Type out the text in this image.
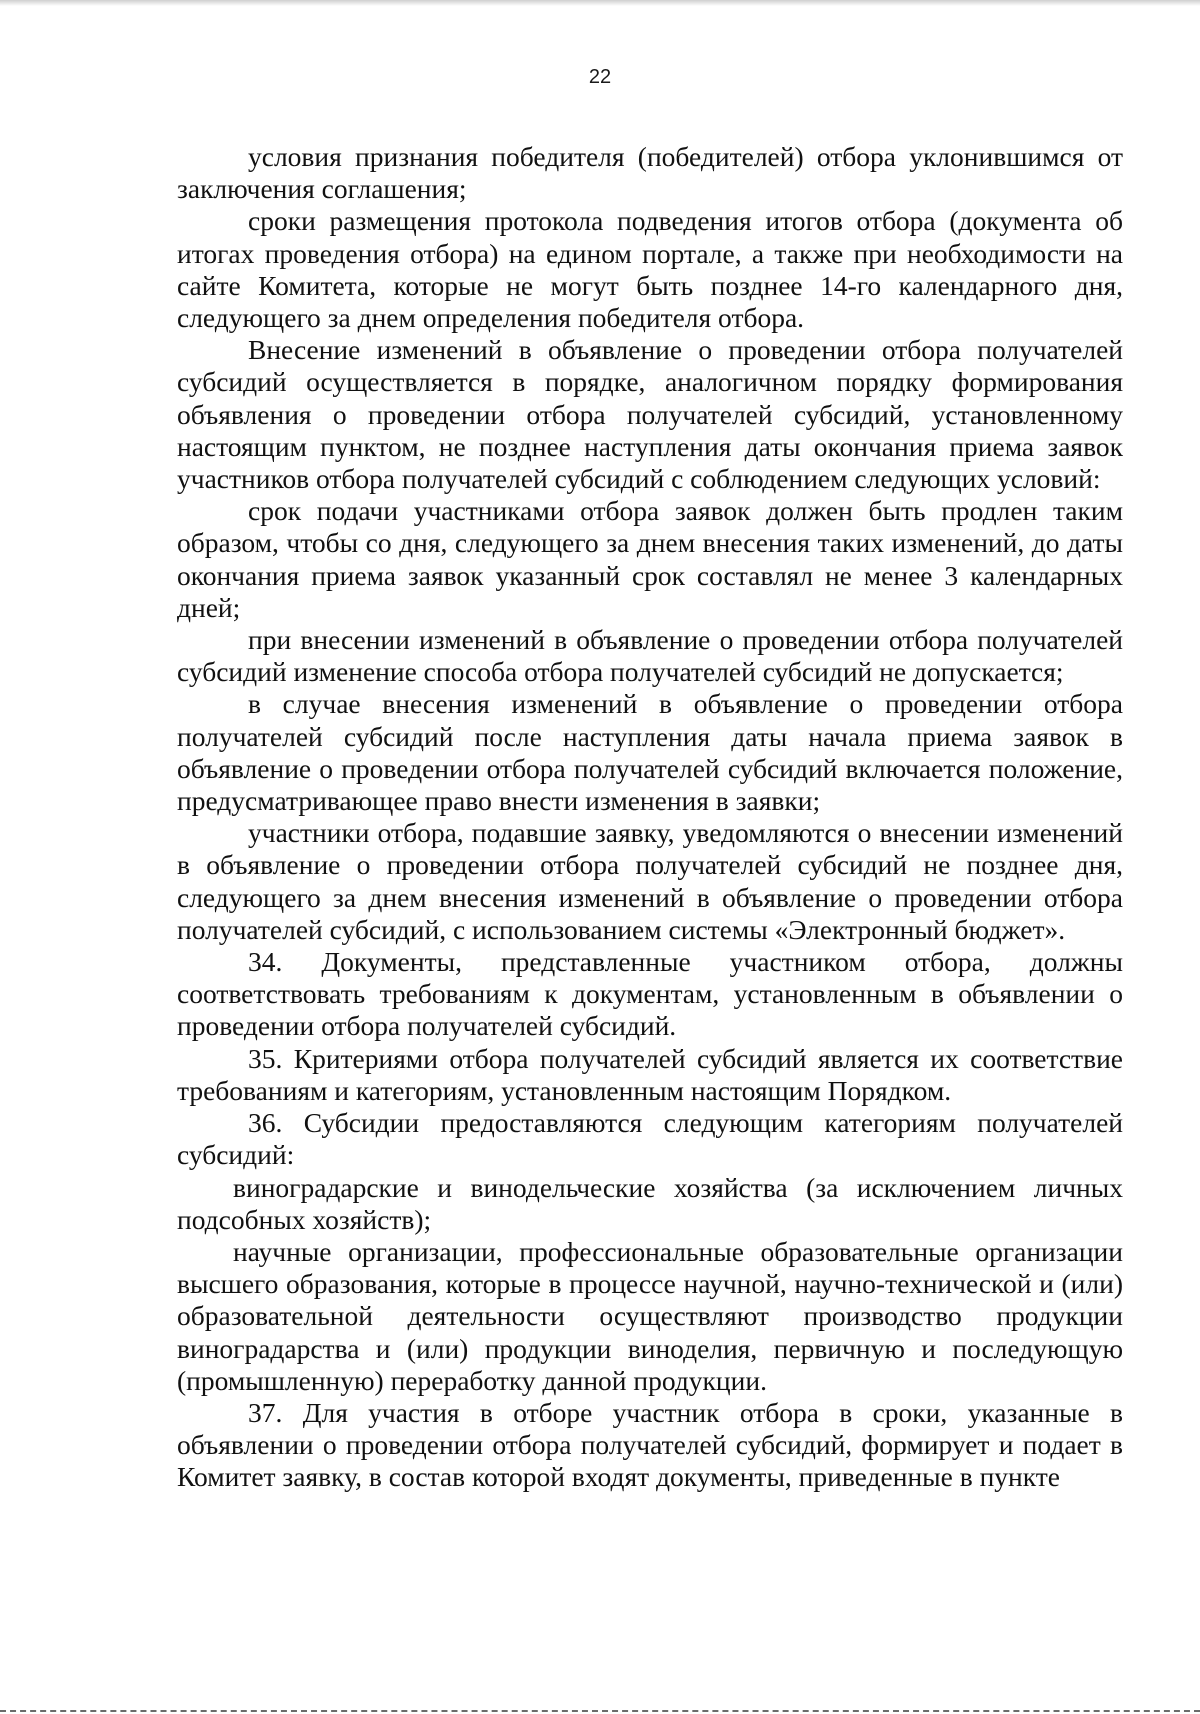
22

условия признания победителя (победителей) отбора уклонившимся от заключения соглашения;

сроки размещения протокола подведения итогов отбора (документа об итогах проведения отбора) на едином портале, а также при необходимости на сайте Комитета, которые не могут быть позднее 14-го календарного дня, следующего за днем определения победителя отбора.

Внесение изменений в объявление о проведении отбора получателей субсидий осуществляется в порядке, аналогичном порядку формирования объявления о проведении отбора получателей субсидий, установленному настоящим пунктом, не позднее наступления даты окончания приема заявок участников отбора получателей субсидий с соблюдением следующих условий:

срок подачи участниками отбора заявок должен быть продлен таким образом, чтобы со дня, следующего за днем внесения таких изменений, до даты окончания приема заявок указанный срок составлял не менее 3 календарных дней;

при внесении изменений в объявление о проведении отбора получателей субсидий изменение способа отбора получателей субсидий не допускается;

в случае внесения изменений в объявление о проведении отбора получателей субсидий после наступления даты начала приема заявок в объявление о проведении отбора получателей субсидий включается положение, предусматривающее право внести изменения в заявки;

участники отбора, подавшие заявку, уведомляются о внесении изменений в объявление о проведении отбора получателей субсидий не позднее дня, следующего за днем внесения изменений в объявление о проведении отбора получателей субсидий, с использованием системы «Электронный бюджет».

34. Документы, представленные участником отбора, должны соответствовать требованиям к документам, установленным в объявлении о проведении отбора получателей субсидий.

35. Критериями отбора получателей субсидий является их соответствие требованиям и категориям, установленным настоящим Порядком.

36. Субсидии предоставляются следующим категориям получателей субсидий:

виноградарские и винодельческие хозяйства (за исключением личных подсобных хозяйств);

научные организации, профессиональные образовательные организации высшего образования, которые в процессе научной, научно-технической и (или) образовательной деятельности осуществляют производство продукции виноградарства и (или) продукции виноделия, первичную и последующую (промышленную) переработку данной продукции.

37. Для участия в отборе участник отбора в сроки, указанные в объявлении о проведении отбора получателей субсидий, формирует и подает в Комитет заявку, в состав которой входят документы, приведенные в пункте
